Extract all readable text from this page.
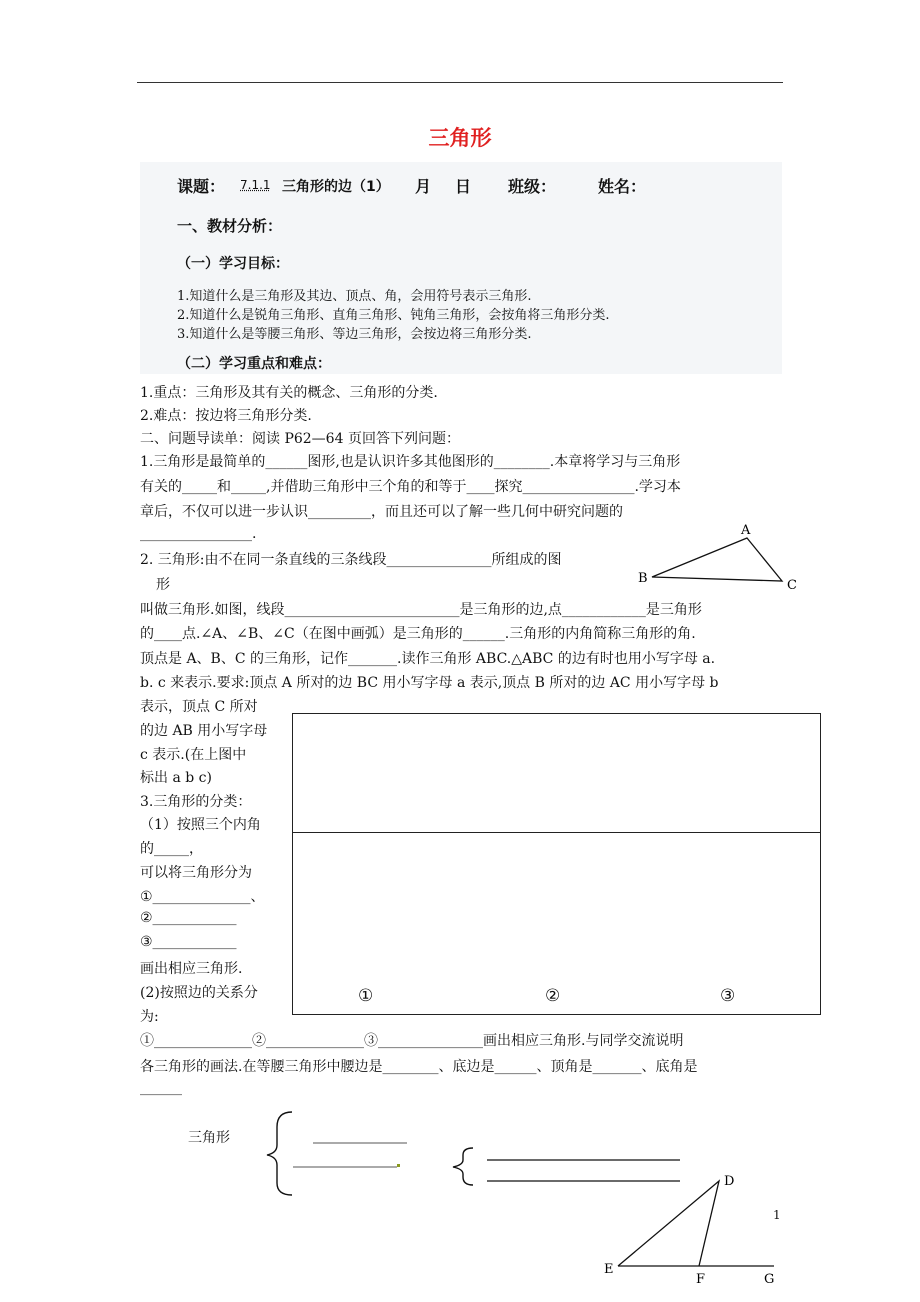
三角形
课题： 7.1.1 三角形的边（1） 月 日 班级：	姓名：
一、教材分析：
（一）学习目标：
1.知道什么是三角形及其边、顶点、角，会用符号表示三角形.
2.知道什么是锐角三角形、直角三角形、钝角三角形，会按角将三角形分类.
3.知道什么是等腰三角形、等边三角形，会按边将三角形分类.
（二）学习重点和难点：
1.重点：三角形及其有关的概念、三角形的分类.
2.难点：按边将三角形分类.
二、问题导读单：阅读 P62—64 页回答下列问题：
1.三角形是最简单的______图形,也是认识许多其他图形的________.本章将学习与三角形
有关的_____和_____,并借助三角形中三个角的和等于____探究________________.学习本
章后，不仅可以进一步认识_________，而且还可以了解一些几何中研究问题的
________________.
2. 三角形:由不在同一条直线的三条线段_______________所组成的图
形
叫做三角形.如图，线段_________________________是三角形的边,点____________是三角形
的____点.∠A、∠B、∠C（在图中画弧）是三角形的______.三角形的内角简称三角形的角.
顶点是 A、B、C 的三角形，记作_______.读作三角形 ABC.△ABC 的边有时也用小写字母 a.
b. c 来表示.要求:顶点 A 所对的边 BC 用小写字母 a 表示,顶点 B 所对的边 AC 用小写字母 b
表示，顶点 C 所对
A
B	C
的边 AB 用小写字母
c 表示.(在上图中
标出 a b c)
3.三角形的分类：
（1）按照三个内角
的_____，
可以将三角形分为
①______________、
②____________
③____________
画出相应三角形.
(2)按照边的关系分
为:
①	②	③
①______________②______________③_______________画出相应三角形.与同学交流说明
各三角形的画法.在等腰三角形中腰边是________、底边是______、顶角是_______、底角是
______
三角形
D
E
F	G
1
